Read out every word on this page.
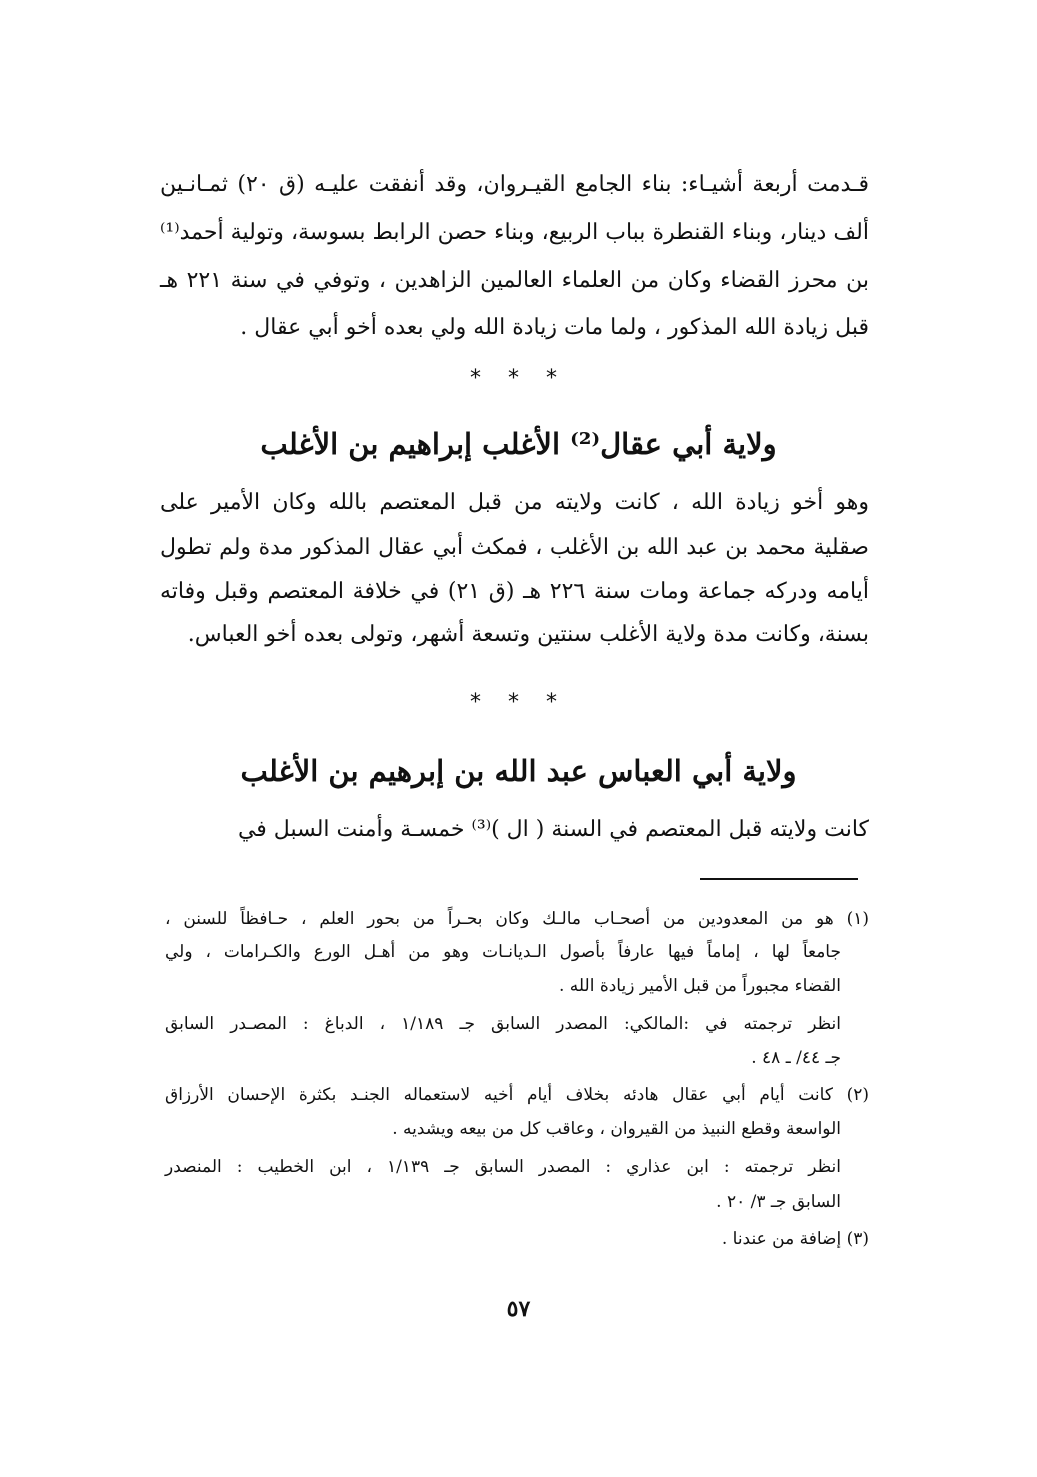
قـدمت أربعة أشيـاء: بناء الجامع القيـروان، وقد أنفقت عليـه (ق ٢٠) ثمـانـين
ألف دينار، وبناء القنطرة بباب الربيع، وبناء حصن الرابط بسوسة، وتولية أحمد⁽¹⁾
بن محرز القضاء وكان من العلماء العالمين الزاهدين ، وتوفي في سنة ٢٢١ هـ
قبل زيادة الله المذكور ، ولما مات زيادة الله ولي بعده أخو أبي عقال .
* * *
ولاية أبي عقال⁽²⁾ الأغلب إبراهيم بن الأغلب
وهو أخو زيادة الله ، كانت ولايته من قبل المعتصم بالله وكان الأمير على
صقلية محمد بن عبد الله بن الأغلب ، فمكث أبي عقال المذكور مدة ولم تطول
أيامه ودركه جماعة ومات سنة ٢٢٦ هـ (ق ٢١) في خلافة المعتصم وقبل وفاته
بسنة، وكانت مدة ولاية الأغلب سنتين وتسعة أشهر، وتولى بعده أخو العباس.
* * *
ولاية أبي العباس عبد الله بن إبرهيم بن الأغلب
كانت ولايته قبل المعتصم في السنة ( ال )⁽³⁾ خمسـة وأمنت السبل في
(١) هو من المعدودين من أصحـاب مالـك وكان بحـراً من بحور العلم ، حـافظاً للسنن ،
جامعاً لها ، إماماً فيها عارفاً بأصول الـديانـات وهو من أهـل الورع والكـرامات ، ولي
القضاء مجبوراً من قبل الأمير زيادة الله .
انظر ترجمته في :المالكي: المصدر السابق جـ ١/١٨٩ ، الدباغ : المصـدر السابق
جـ ٤٤/ ـ ٤٨ .
(٢) كانت أيام أبي عقال هادئه بخلاف أيام أخيه لاستعماله الجنـد بكثرة الإحسان الأرزاق
الواسعة وقطع النبيذ من القيروان ، وعاقب كل من بيعه ويشديه .
انظر ترجمته : ابن عذاري : المصدر السابق جـ ١/١٣٩ ، ابن الخطيب : المنصدر
السابق جـ ٣/ ٢٠ .
(٣) إضافة من عندنا .
٥٧
